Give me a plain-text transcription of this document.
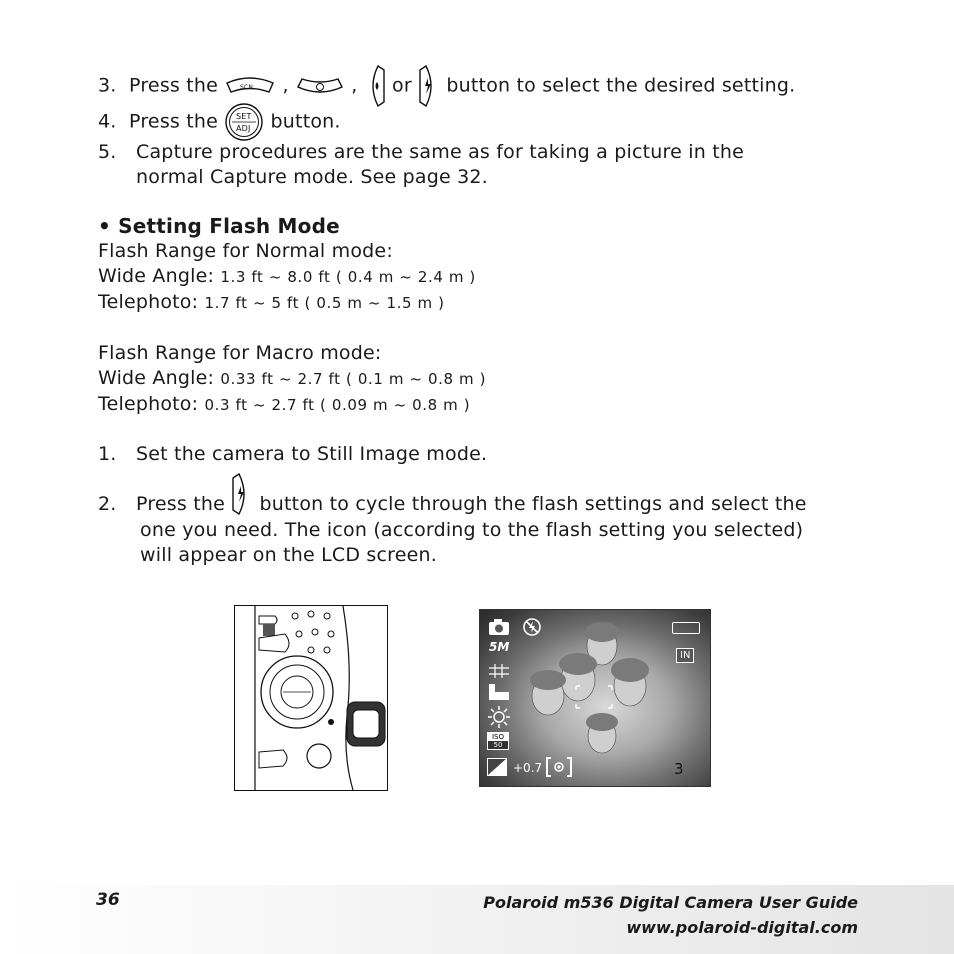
3. Press the	SCN ,	, or button to select the desired setting.
4. Press the SET
ADJ button.
5. Capture procedures are the same as for taking a picture in the
normal Capture mode. See page 32.
• Setting Flash Mode
Flash Range for Normal mode:
Wide Angle: 1.3 ft ~ 8.0 ft ( 0.4 m ~ 2.4 m )
Telephoto: 1.7 ft ~ 5 ft ( 0.5 m ~ 1.5 m )
Flash Range for Macro mode:
Wide Angle: 0.33 ft ~ 2.7 ft ( 0.1 m ~ 0.8 m )
Telephoto: 0.3 ft ~ 2.7 ft ( 0.09 m ~ 0.8 m )
1. Set the camera to Still Image mode.
2. Press the button to cycle through the flash settings and select the
one you need. The icon (according to the flash setting you selected)
will appear on the LCD screen.
5M
IN
ISO
50
+0.7	3
36	Polaroid m536 Digital Camera User Guide
www.polaroid-digital.com
